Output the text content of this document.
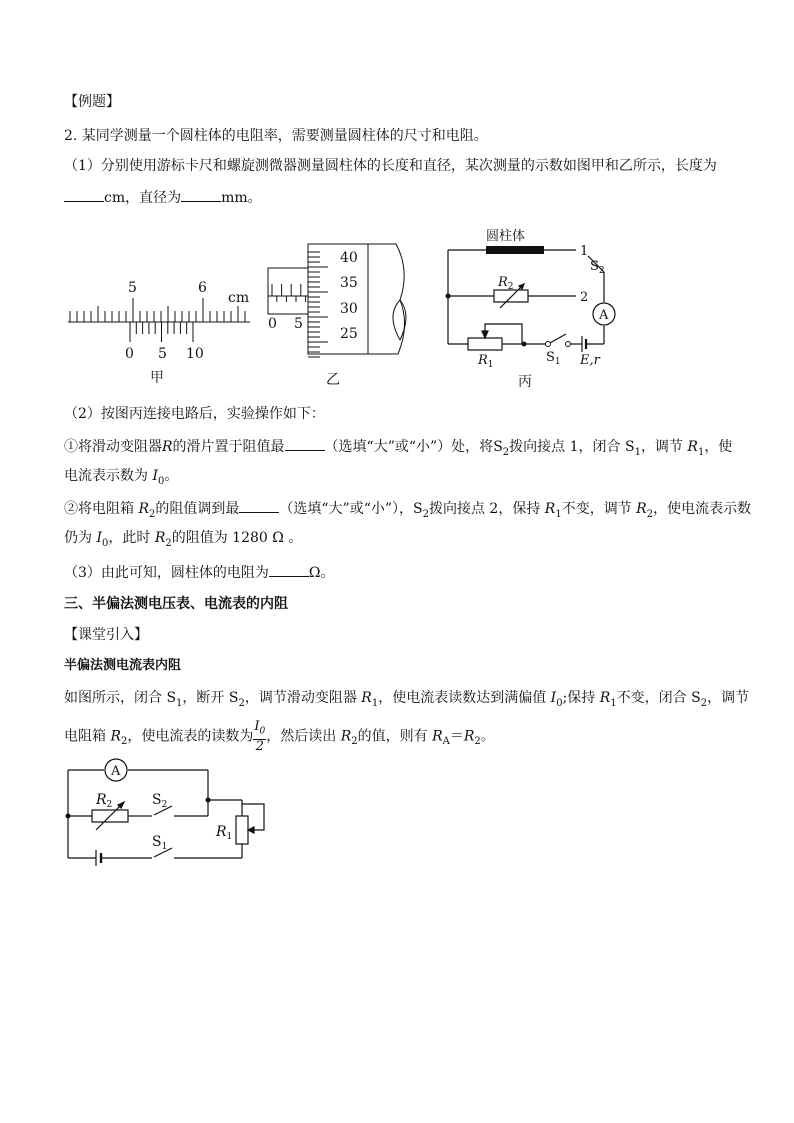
【例题】
2. 某同学测量一个圆柱体的电阻率，需要测量圆柱体的尺寸和电阻。
（1）分别使用游标卡尺和螺旋测微器测量圆柱体的长度和直径，某次测量的示数如图甲和乙所示，长度为
cm，直径为	mm。
（2）按图丙连接电路后，实验操作如下：
①将滑动变阻器R的滑片置于阻值最	（选填“大”或“小”）处，将$S_2$拨向接点 1，闭合 $S_1$，调节 $R_1$，使
电流表示数为 $I_0$。
②将电阻箱 $R_2$的阻值调到最	（选填“大”或“小”），$S_2$拨向接点 2，保持 $R_1$不变，调节 $R_2$，使电流表示数
仍为 $I_0$，此时 $R_2$的阻值为 1280 Ω 。
（3）由此可知，圆柱体的电阻为	Ω。
三、半偏法测电压表、电流表的内阻
【课堂引入】
半偏法测电流表内阻
如图所示，闭合 $S_1$，断开 $S_2$，调节滑动变阻器 $R_1$，使电流表读数达到满偏值 $I_0$;保持 $R_1$不变，闭合 $S_2$，调节
电阻箱 $R_2$，使电流表的读数为 $\frac{I_0}{2}$ ，然后读出 $R_2$的值，则有 $R_A=R_2$。
5	6
cm
0 5 10
甲
40
35
30
25
0 5
乙
A
圆柱体
1
2
$S_2$
$R_2$
$R_1$	$S_1$ E,r
丙
A
$R_2$	$S_2$
$R_1$
$S_1$
